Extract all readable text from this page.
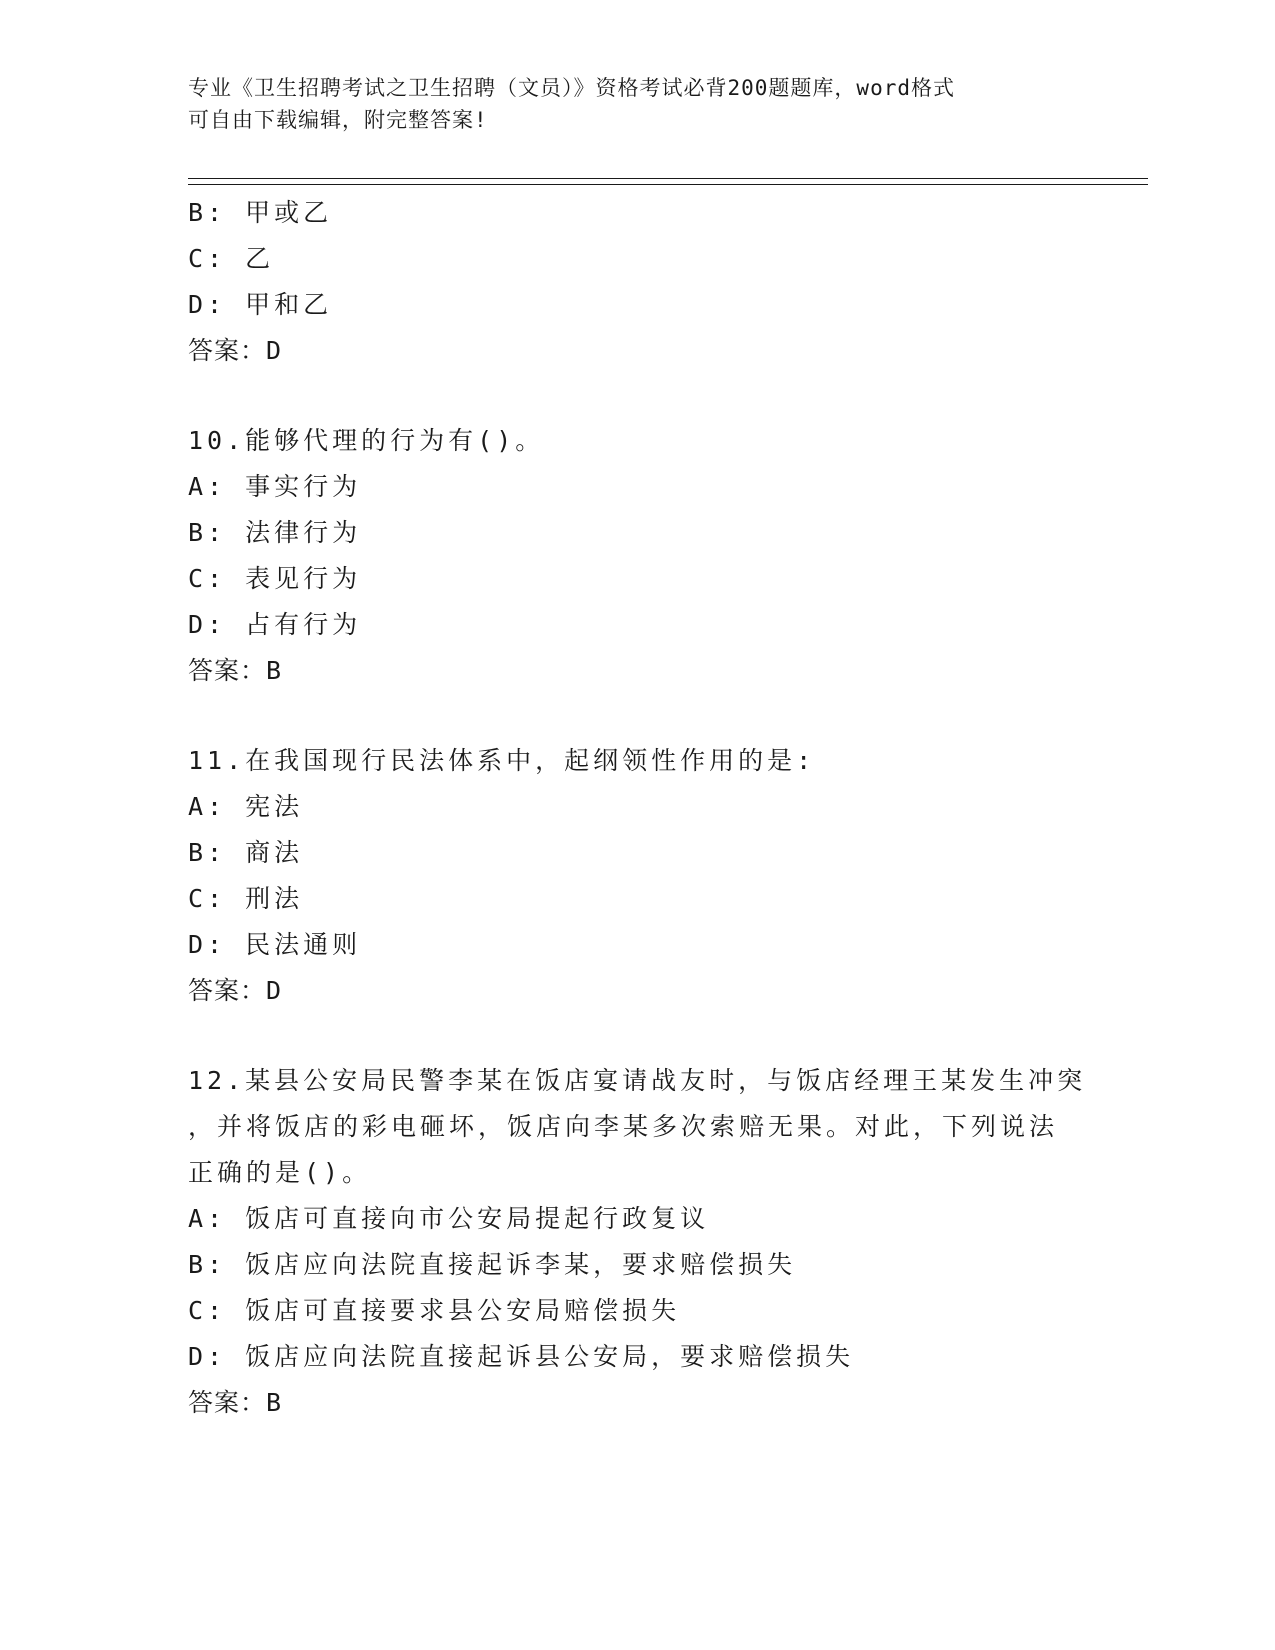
专业《卫生招聘考试之卫生招聘（文员）》资格考试必背200题题库，word格式
可自由下载编辑，附完整答案!
B: 甲或乙
C: 乙
D: 甲和乙
答案：D
10.能够代理的行为有()。
A: 事实行为
B: 法律行为
C: 表见行为
D: 占有行为
答案：B
11.在我国现行民法体系中，起纲领性作用的是:
A: 宪法
B: 商法
C: 刑法
D: 民法通则
答案：D
12.某县公安局民警李某在饭店宴请战友时，与饭店经理王某发生冲突
，并将饭店的彩电砸坏，饭店向李某多次索赔无果。对此，下列说法
正确的是()。
A: 饭店可直接向市公安局提起行政复议
B: 饭店应向法院直接起诉李某，要求赔偿损失
C: 饭店可直接要求县公安局赔偿损失
D: 饭店应向法院直接起诉县公安局，要求赔偿损失
答案：B
